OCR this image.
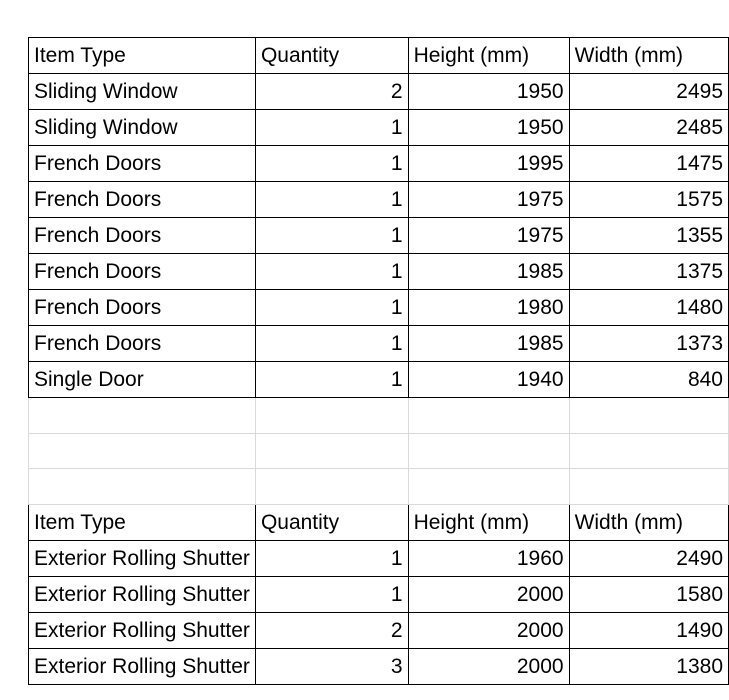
Item Type	Quantity	Height (mm)	Width (mm)
Sliding Window	2	1950	2495
Sliding Window	1	1950	2485
French Doors	1	1995	1475
French Doors	1	1975	1575
French Doors	1	1975	1355
French Doors	1	1985	1375
French Doors	1	1980	1480
French Doors	1	1985	1373
Single Door	1	1940	840

Item Type	Quantity	Height (mm)	Width (mm)
Exterior Rolling Shutter	1	1960	2490
Exterior Rolling Shutter	1	2000	1580
Exterior Rolling Shutter	2	2000	1490
Exterior Rolling Shutter	3	2000	1380
